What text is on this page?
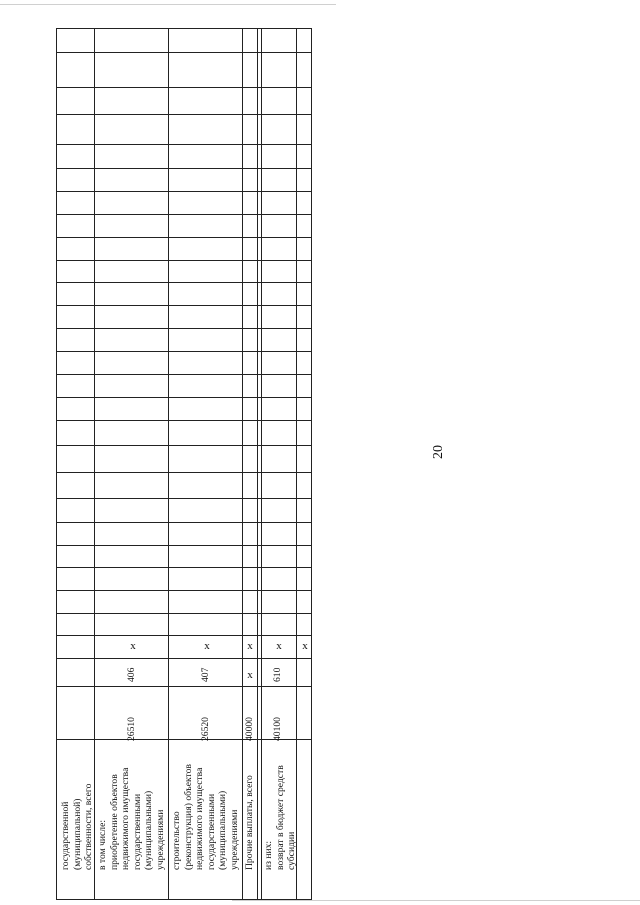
20
государственной (муниципальной) собственности, всего в том числе: приобретение объектов недвижимого имущества государственными (муниципальными) учреждениями
26510
406
x
строительство (реконструкция) объектов недвижимого имущества государственными (муниципальными) учреждениями
26520
407
x
Прочие выплаты, всего
40000
x
x
из них: возврат в бюджет средств субсидии
40100
610
x x
